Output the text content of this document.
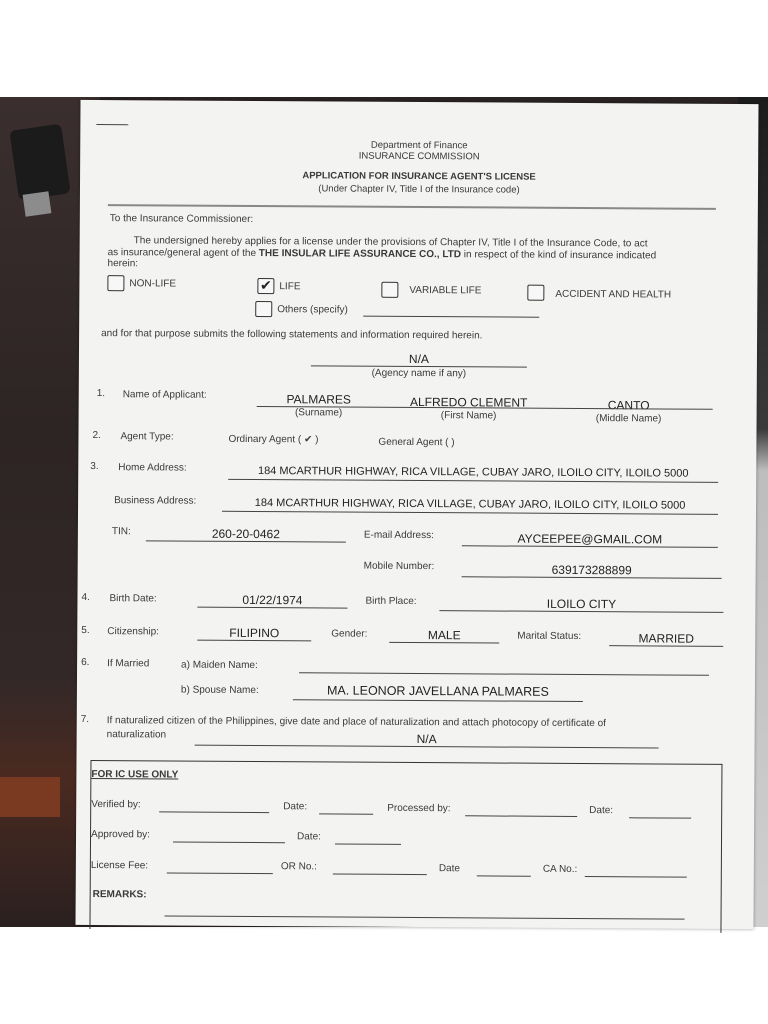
Department of Finance
INSURANCE COMMISSION
APPLICATION FOR INSURANCE AGENT'S LICENSE
(Under Chapter IV, Title I of the Insurance code)
To the Insurance Commissioner:
The undersigned hereby applies for a license under the provisions of Chapter IV, Title I of the Insurance Code, to act
as insurance/general agent of the THE INSULAR LIFE ASSURANCE CO., LTD in respect of the kind of insurance indicated
herein:
NON-LIFE	✔ LIFE	VARIABLE LIFE	ACCIDENT AND HEALTH
Others (specify)
and for that purpose submits the following statements and information required herein.
N/A
(Agency name if any)
1. Name of Applicant:	PALMARES	ALFREDO CLEMENT	CANTO
(Surname)	(First Name)	(Middle Name)
2. Agent Type:	Ordinary Agent ( ✔ )	General Agent ( )
3. Home Address:	184 MCARTHUR HIGHWAY, RICA VILLAGE, CUBAY JARO, ILOILO CITY, ILOILO 5000
Business Address:	184 MCARTHUR HIGHWAY, RICA VILLAGE, CUBAY JARO, ILOILO CITY, ILOILO 5000
TIN:	260-20-0462	E-mail Address:	AYCEEPEE@GMAIL.COM
Mobile Number:	639173288899
4. Birth Date:	01/22/1974	Birth Place:	ILOILO CITY
5. Citizenship:	FILIPINO	Gender:	MALE	Marital Status:	MARRIED
6. If Married	a) Maiden Name:
b) Spouse Name:	MA. LEONOR JAVELLANA PALMARES
7. If naturalized citizen of the Philippines, give date and place of naturalization and attach photocopy of certificate of
naturalization	N/A
FOR IC USE ONLY
Verified by:	Date:	Processed by:	Date:
Approved by:	Date:
License Fee:	OR No.:	Date	CA No.:
REMARKS:
